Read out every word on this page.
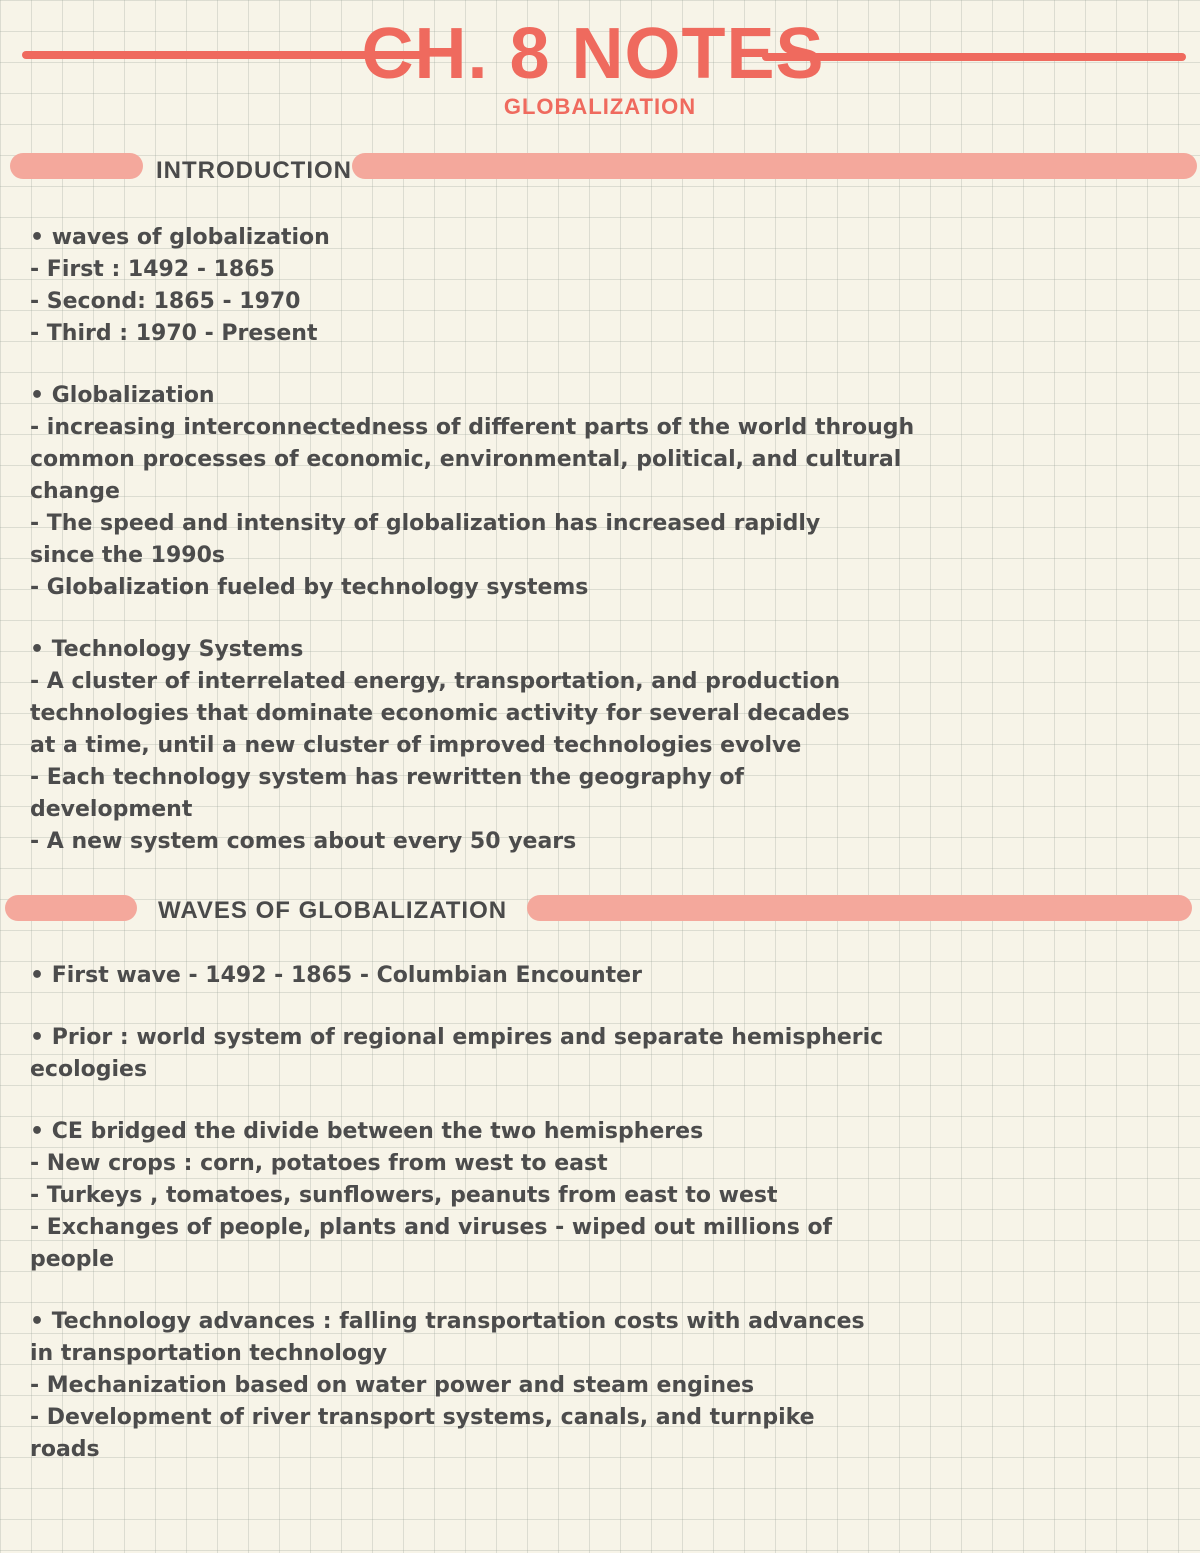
CH. 8 NOTES
GLOBALIZATION
INTRODUCTION

• waves of globalization

- First : 1492 - 1865

- Second: 1865 - 1970

- Third : 1970 - Present

• Globalization

- increasing interconnectedness of different parts of the world through

common processes of economic, environmental, political, and cultural

change

- The speed and intensity of globalization has increased rapidly

since the 1990s

- Globalization fueled by technology systems

• Technology Systems

- A cluster of interrelated energy, transportation, and production

technologies that dominate economic activity for several decades

at a time, until a new cluster of improved technologies evolve

- Each technology system has rewritten the geography of

development

- A new system comes about every 50 years

WAVES OF GLOBALIZATION

• First wave - 1492 - 1865 - Columbian Encounter

• Prior : world system of regional empires and separate hemispheric

ecologies

• CE bridged the divide between the two hemispheres

- New crops : corn, potatoes from west to east

- Turkeys , tomatoes, sunflowers, peanuts from east to west

- Exchanges of people, plants and viruses - wiped out millions of

people

• Technology advances : falling transportation costs with advances

in transportation technology

- Mechanization based on water power and steam engines

- Development of river transport systems, canals, and turnpike

roads
